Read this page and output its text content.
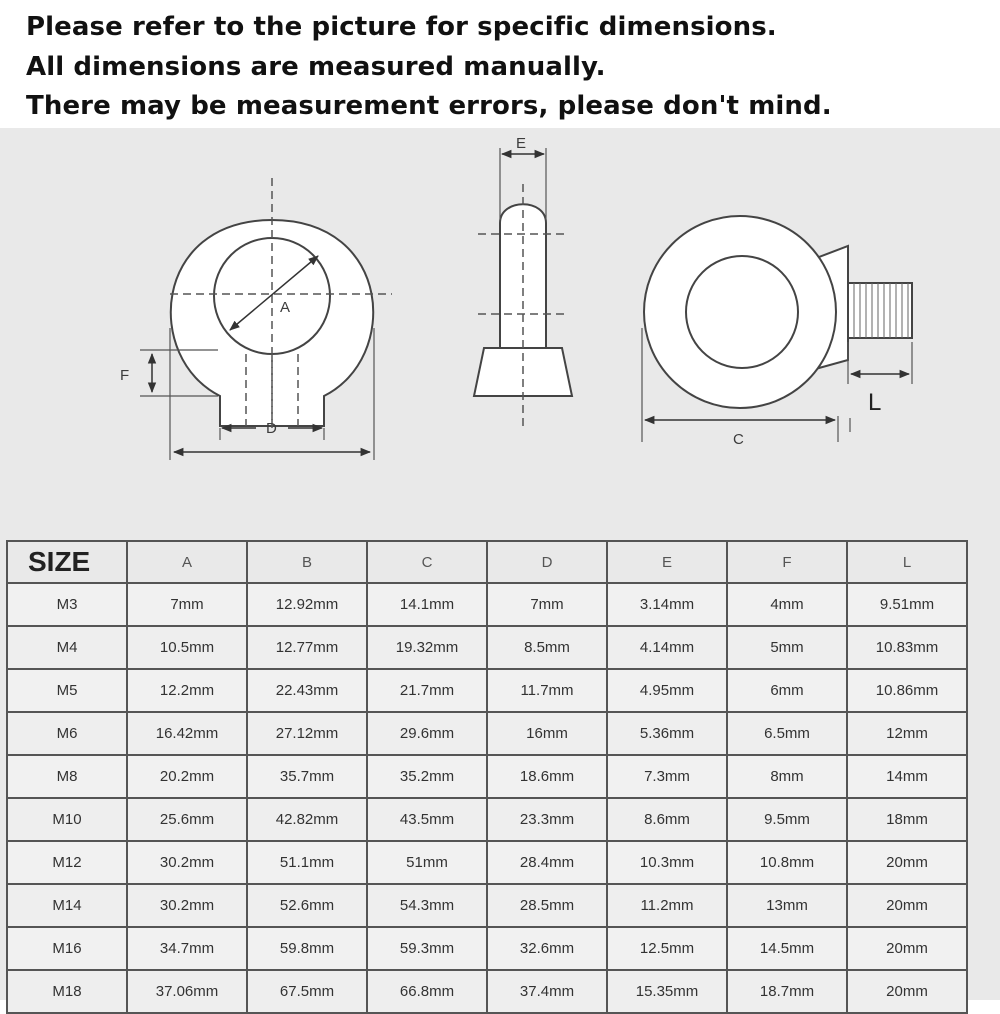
Please refer to the picture for specific dimensions.
All dimensions are measured manually.
There may be measurement errors, please don't mind.
A
F
D
E
L
C
SIZE	A	B	C	D	E	F	L
M3	7mm	12.92mm	14.1mm	7mm	3.14mm	4mm	9.51mm
M4	10.5mm	12.77mm	19.32mm	8.5mm	4.14mm	5mm	10.83mm
M5	12.2mm	22.43mm	21.7mm	11.7mm	4.95mm	6mm	10.86mm
M6	16.42mm	27.12mm	29.6mm	16mm	5.36mm	6.5mm	12mm
M8	20.2mm	35.7mm	35.2mm	18.6mm	7.3mm	8mm	14mm
M10	25.6mm	42.82mm	43.5mm	23.3mm	8.6mm	9.5mm	18mm
M12	30.2mm	51.1mm	51mm	28.4mm	10.3mm	10.8mm	20mm
M14	30.2mm	52.6mm	54.3mm	28.5mm	11.2mm	13mm	20mm
M16	34.7mm	59.8mm	59.3mm	32.6mm	12.5mm	14.5mm	20mm
M18	37.06mm	67.5mm	66.8mm	37.4mm	15.35mm	18.7mm	20mm
